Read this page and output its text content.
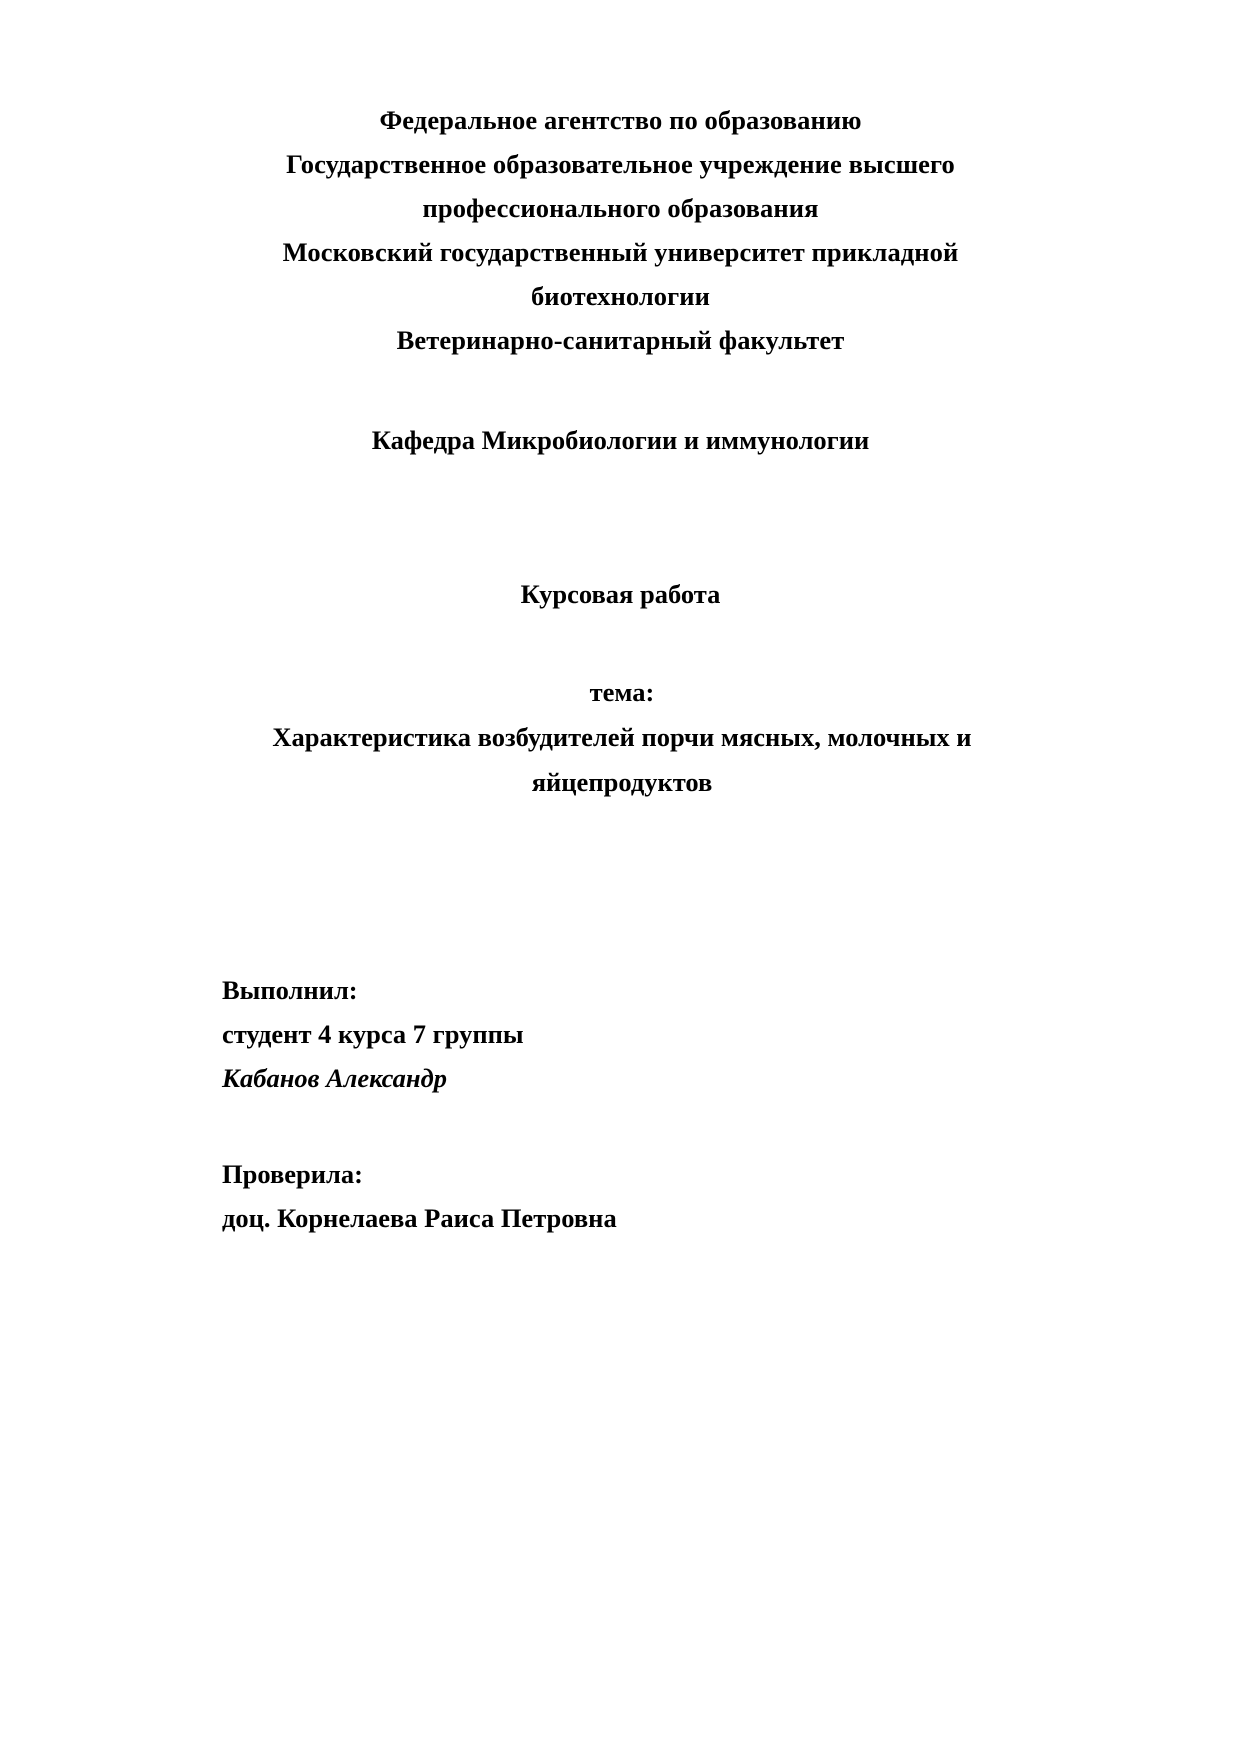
Федеральное агентство по образованию
Государственное образовательное учреждение высшего профессионального образования
Московский государственный университет прикладной биотехнологии
Ветеринарно-санитарный факультет
Кафедра Микробиологии и иммунологии
Курсовая работа
тема:
Характеристика возбудителей порчи мясных, молочных и яйцепродуктов
Выполнил:
студент 4 курса 7 группы
Кабанов Александр
Проверила:
доц. Корнелаева Раиса Петровна
